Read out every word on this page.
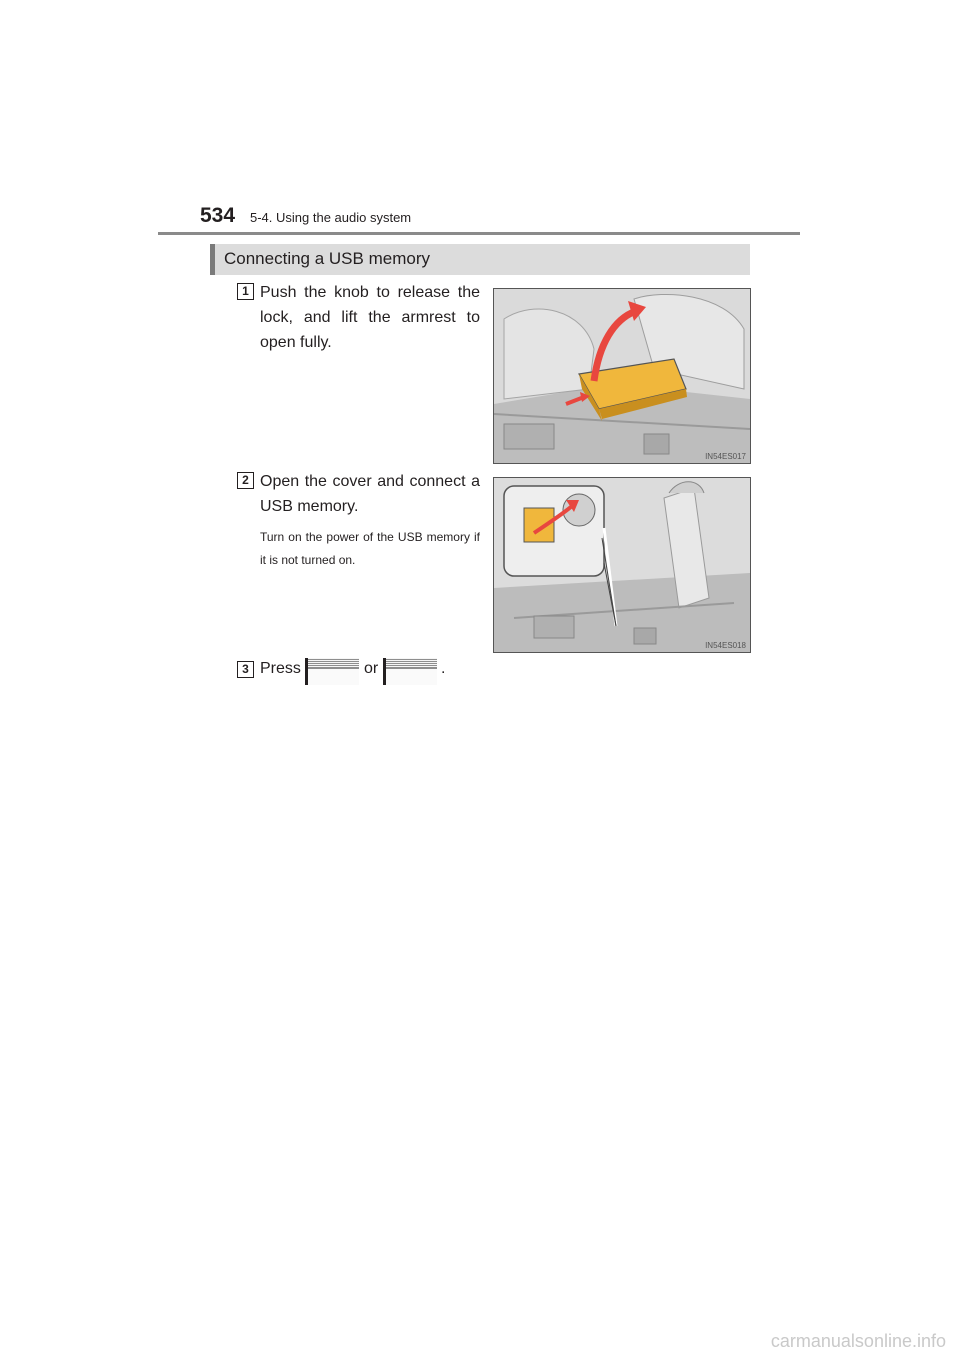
534 5-4. Using the audio system
Connecting a USB memory
1 Push the knob to release the lock, and lift the armrest to open fully.
IN54ES017
2 Open the cover and connect a USB memory.
Turn on the power of the USB memory if it is not turned on.
IN54ES018
3 Press	or	.
carmanualsonline.info
